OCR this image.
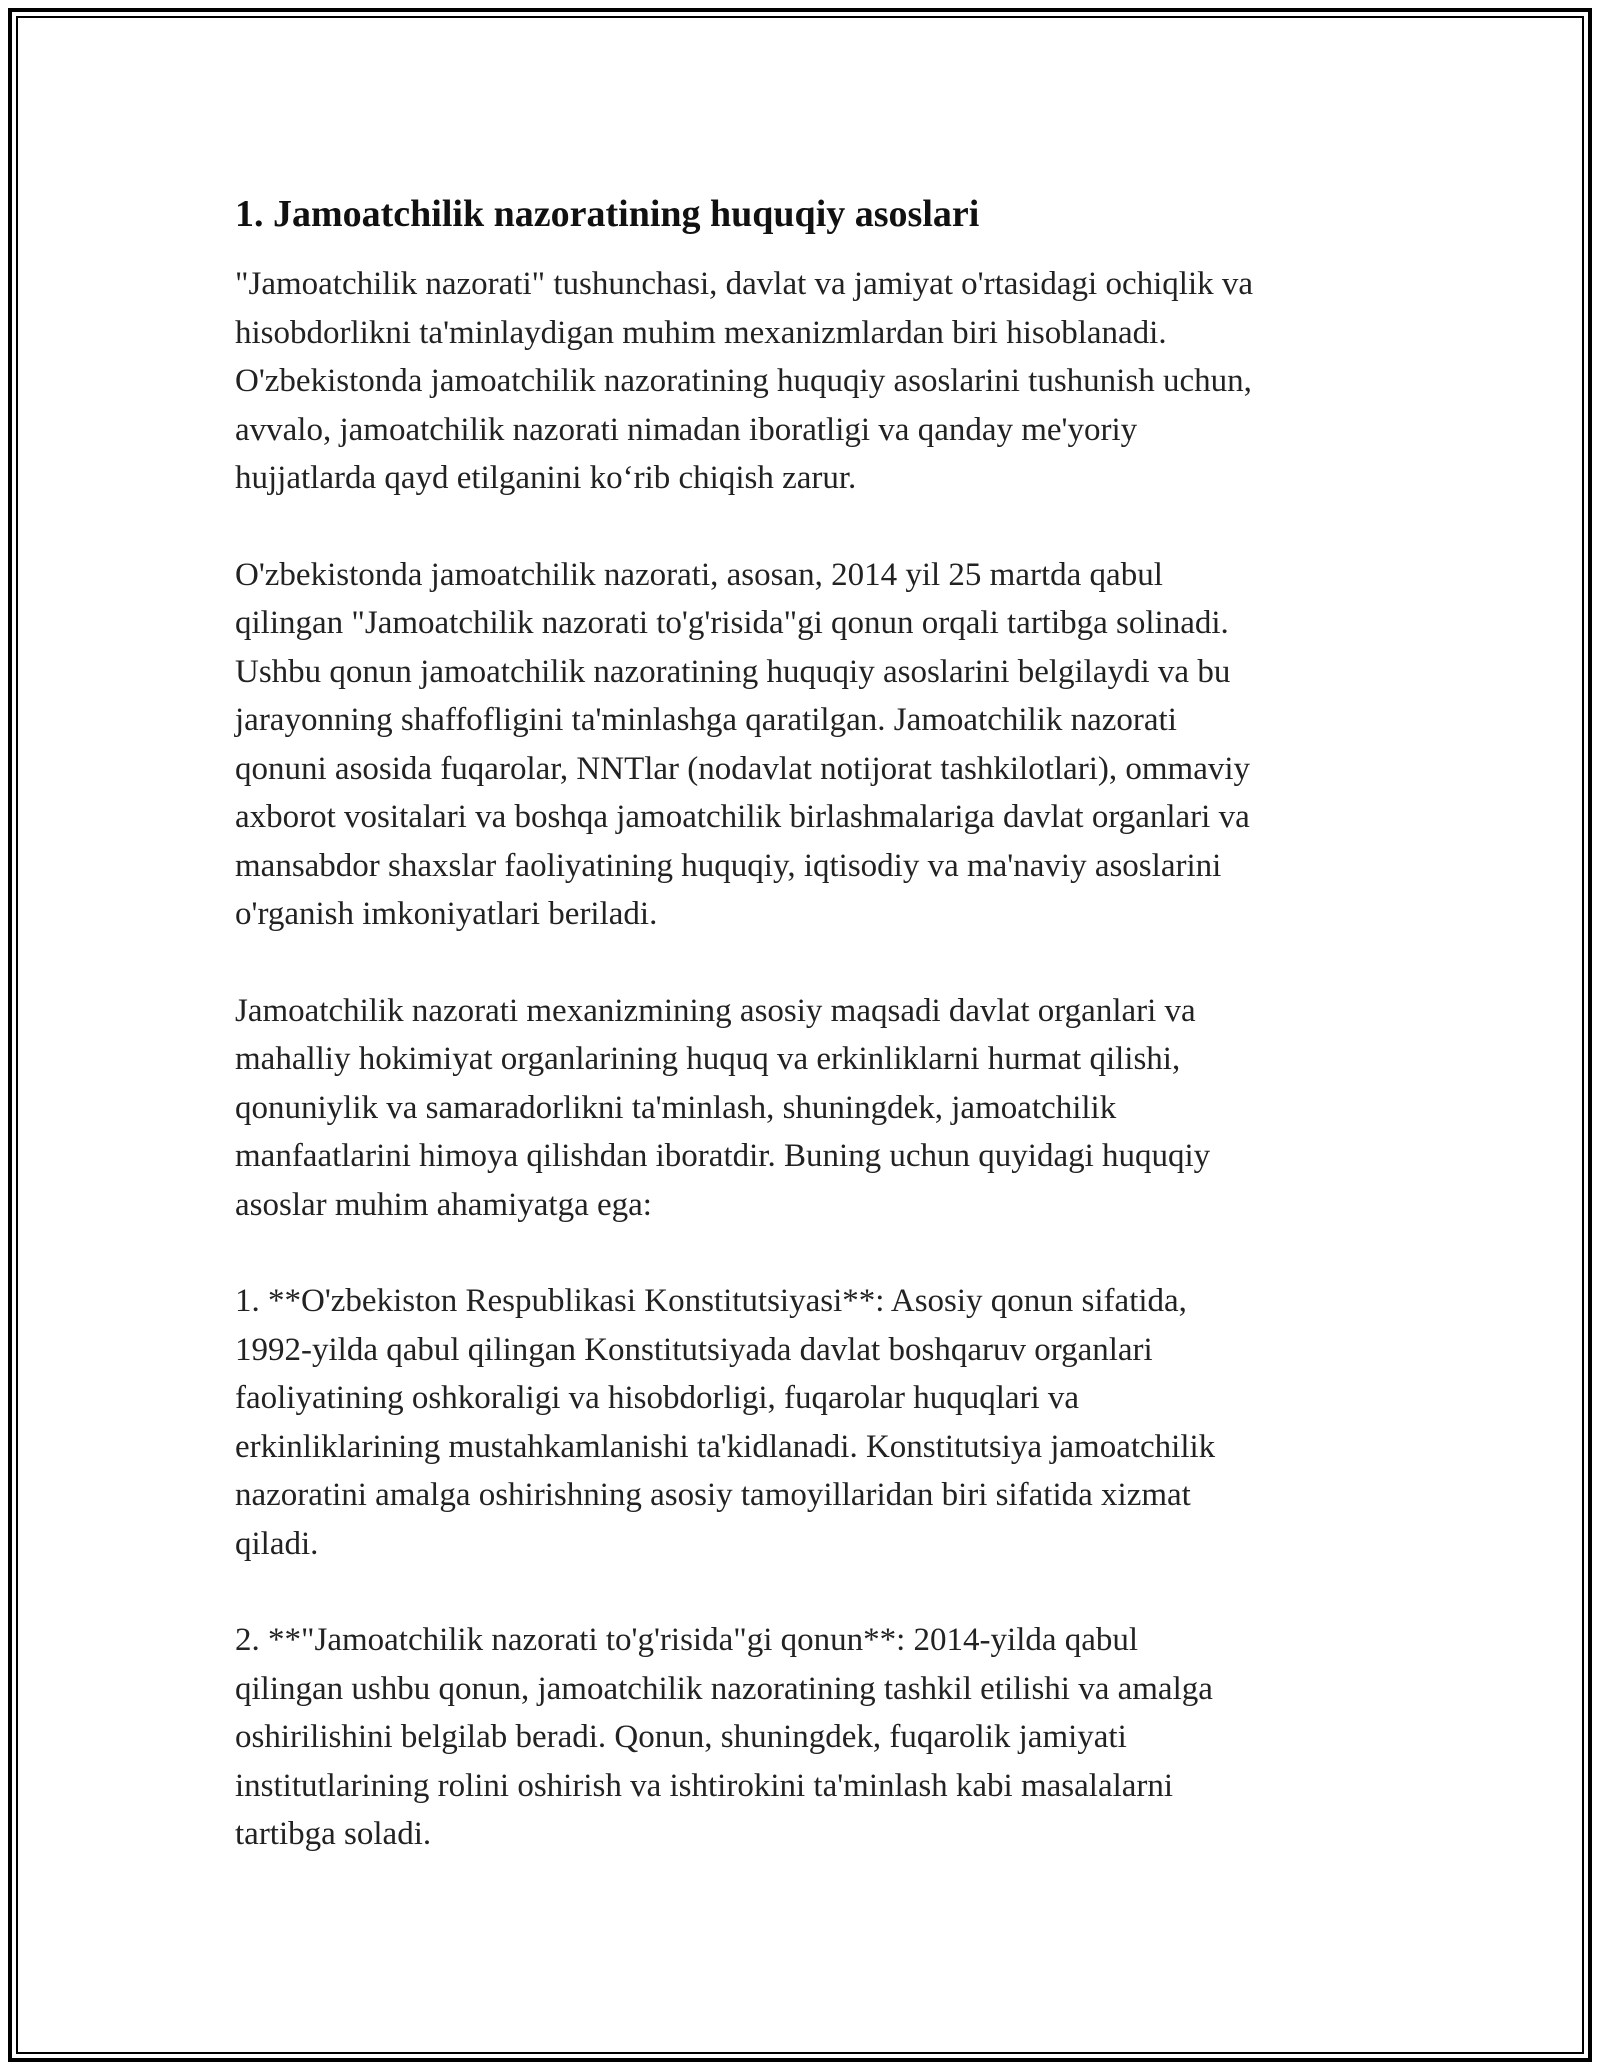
1. Jamoatchilik nazoratining huquqiy asoslari

"Jamoatchilik nazorati" tushunchasi, davlat va jamiyat o'rtasidagi ochiqlik va
hisobdorlikni ta'minlaydigan muhim mexanizmlardan biri hisoblanadi.
O'zbekistonda jamoatchilik nazoratining huquqiy asoslarini tushunish uchun,
avvalo, jamoatchilik nazorati nimadan iboratligi va qanday me'yoriy
hujjatlarda qayd etilganini koʻrib chiqish zarur.

O'zbekistonda jamoatchilik nazorati, asosan, 2014 yil 25 martda qabul
qilingan "Jamoatchilik nazorati to'g'risida"gi qonun orqali tartibga solinadi.
Ushbu qonun jamoatchilik nazoratining huquqiy asoslarini belgilaydi va bu
jarayonning shaffofligini ta'minlashga qaratilgan. Jamoatchilik nazorati
qonuni asosida fuqarolar, NNTlar (nodavlat notijorat tashkilotlari), ommaviy
axborot vositalari va boshqa jamoatchilik birlashmalariga davlat organlari va
mansabdor shaxslar faoliyatining huquqiy, iqtisodiy va ma'naviy asoslarini
o'rganish imkoniyatlari beriladi.

Jamoatchilik nazorati mexanizmining asosiy maqsadi davlat organlari va
mahalliy hokimiyat organlarining huquq va erkinliklarni hurmat qilishi,
qonuniylik va samaradorlikni ta'minlash, shuningdek, jamoatchilik
manfaatlarini himoya qilishdan iboratdir. Buning uchun quyidagi huquqiy
asoslar muhim ahamiyatga ega:

1. **O'zbekiston Respublikasi Konstitutsiyasi**: Asosiy qonun sifatida,
1992-yilda qabul qilingan Konstitutsiyada davlat boshqaruv organlari
faoliyatining oshkoraligi va hisobdorligi, fuqarolar huquqlari va
erkinliklarining mustahkamlanishi ta'kidlanadi. Konstitutsiya jamoatchilik
nazoratini amalga oshirishning asosiy tamoyillaridan biri sifatida xizmat
qiladi.

2. **"Jamoatchilik nazorati to'g'risida"gi qonun**: 2014-yilda qabul
qilingan ushbu qonun, jamoatchilik nazoratining tashkil etilishi va amalga
oshirilishini belgilab beradi. Qonun, shuningdek, fuqarolik jamiyati
institutlarining rolini oshirish va ishtirokini ta'minlash kabi masalalarni
tartibga soladi.
